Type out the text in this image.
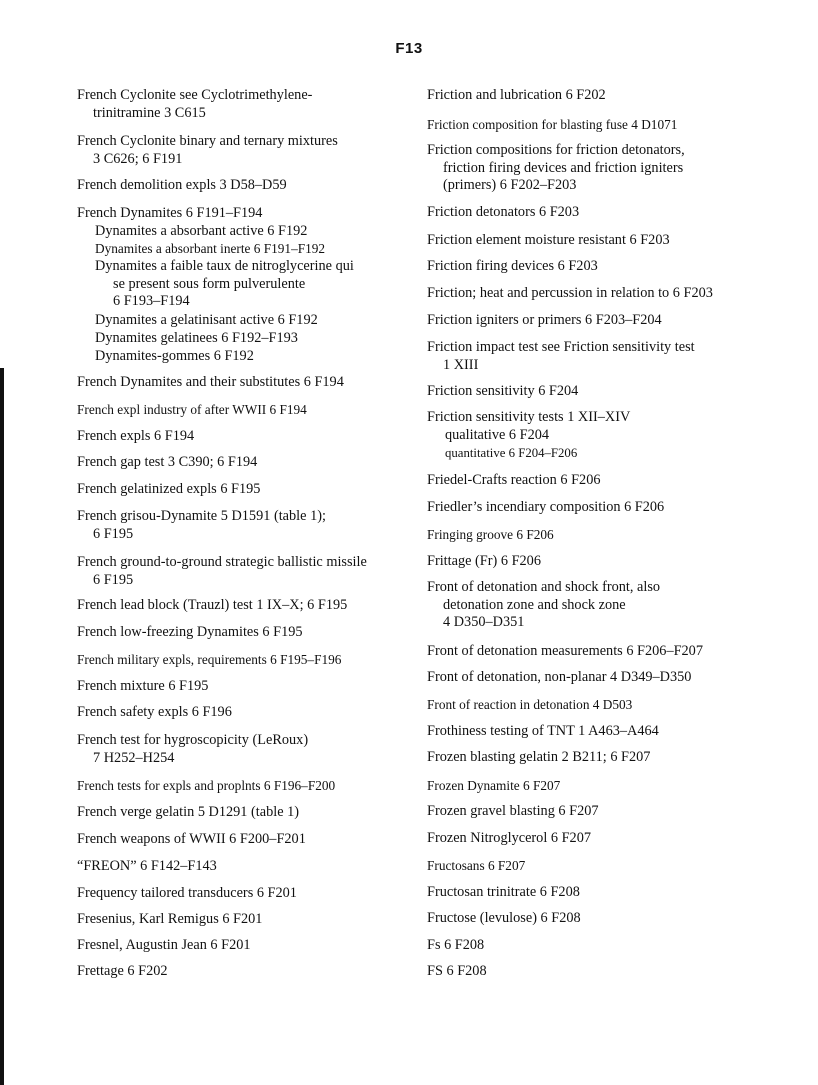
F13
French Cyclonite see Cyclotrimethylene-
trinitramine 3 C615
French Cyclonite binary and ternary mixtures
3 C626; 6 F191
French demolition expls 3 D58–D59
French Dynamites 6 F191–F194
Dynamites a absorbant active 6 F192
Dynamites a absorbant inerte 6 F191–F192
Dynamites a faible taux de nitroglycerine qui
se present sous form pulverulente
6 F193–F194
Dynamites a gelatinisant active 6 F192
Dynamites gelatinees 6 F192–F193
Dynamites-gommes 6 F192
French Dynamites and their substitutes 6 F194
French expl industry of after WWII 6 F194
French expls 6 F194
French gap test 3 C390; 6 F194
French gelatinized expls 6 F195
French grisou-Dynamite 5 D1591 (table 1);
6 F195
French ground-to-ground strategic ballistic missile
6 F195
French lead block (Trauzl) test 1 IX–X; 6 F195
French low-freezing Dynamites 6 F195
French military expls, requirements 6 F195–F196
French mixture 6 F195
French safety expls 6 F196
French test for hygroscopicity (LeRoux)
7 H252–H254
French tests for expls and proplnts 6 F196–F200
French verge gelatin 5 D1291 (table 1)
French weapons of WWII 6 F200–F201
“FREON” 6 F142–F143
Frequency tailored transducers 6 F201
Fresenius, Karl Remigus 6 F201
Fresnel, Augustin Jean 6 F201
Frettage 6 F202
Friction and lubrication 6 F202
Friction composition for blasting fuse 4 D1071
Friction compositions for friction detonators,
friction firing devices and friction igniters
(primers) 6 F202–F203
Friction detonators 6 F203
Friction element moisture resistant 6 F203
Friction firing devices 6 F203
Friction; heat and percussion in relation to 6 F203
Friction igniters or primers 6 F203–F204
Friction impact test see Friction sensitivity test
1 XIII
Friction sensitivity 6 F204
Friction sensitivity tests 1 XII–XIV
qualitative 6 F204
quantitative 6 F204–F206
Friedel-Crafts reaction 6 F206
Friedler’s incendiary composition 6 F206
Fringing groove 6 F206
Frittage (Fr) 6 F206
Front of detonation and shock front, also
detonation zone and shock zone
4 D350–D351
Front of detonation measurements 6 F206–F207
Front of detonation, non-planar 4 D349–D350
Front of reaction in detonation 4 D503
Frothiness testing of TNT 1 A463–A464
Frozen blasting gelatin 2 B211; 6 F207
Frozen Dynamite 6 F207
Frozen gravel blasting 6 F207
Frozen Nitroglycerol 6 F207
Fructosans 6 F207
Fructosan trinitrate 6 F208
Fructose (levulose) 6 F208
Fs 6 F208
FS 6 F208
